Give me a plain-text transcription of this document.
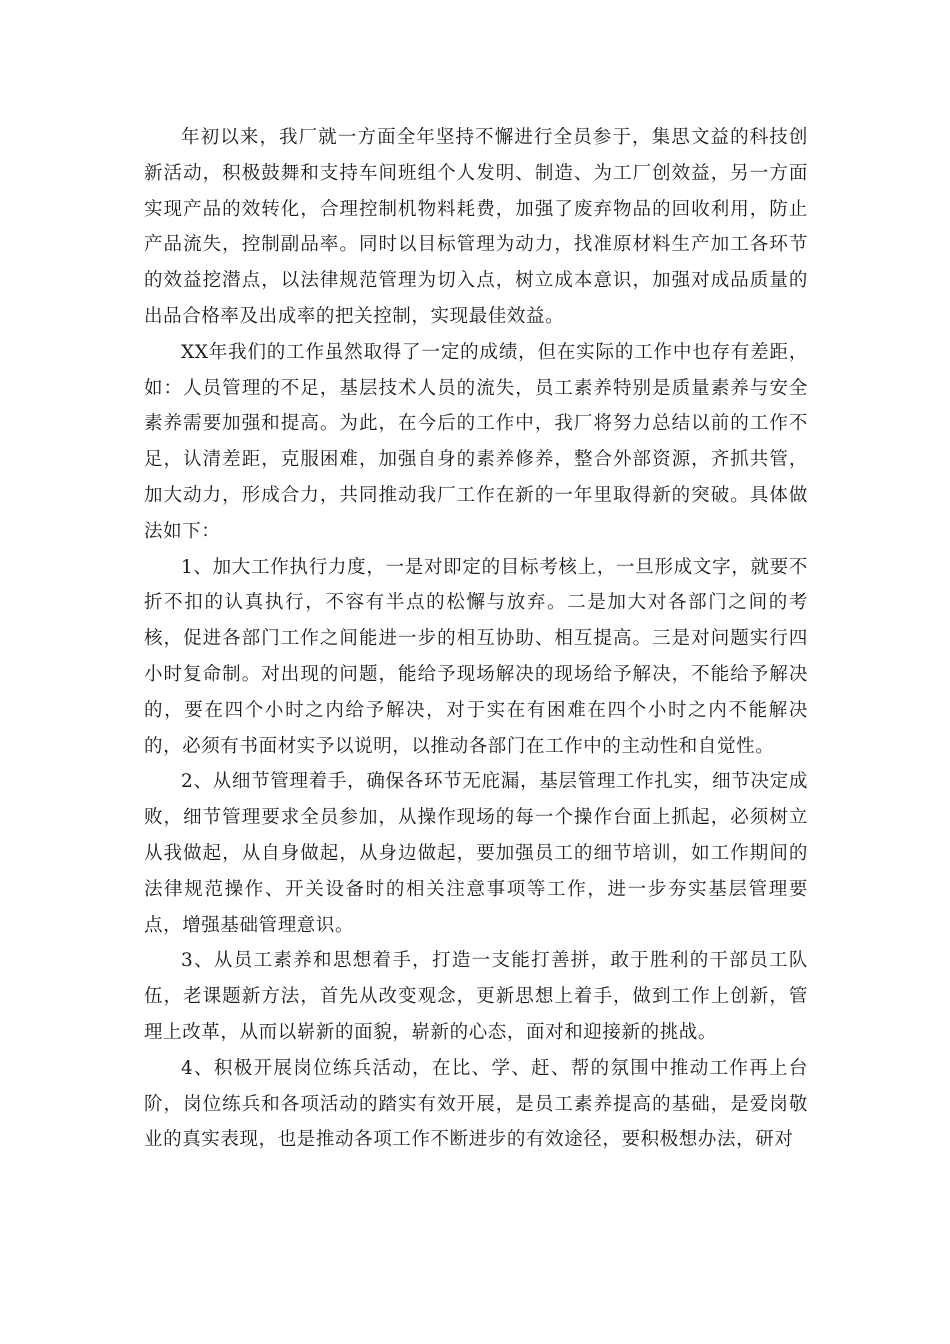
年初以来，我厂就一方面全年坚持不懈进行全员参于，集思文益的科技创新活动，积极鼓舞和支持车间班组个人发明、制造、为工厂创效益，另一方面实现产品的效转化，合理控制机物料耗费，加强了废弃物品的回收利用，防止产品流失，控制副品率。同时以目标管理为动力，找准原材料生产加工各环节的效益挖潜点，以法律规范管理为切入点，树立成本意识，加强对成品质量的出品合格率及出成率的把关控制，实现最佳效益。

XX年我们的工作虽然取得了一定的成绩，但在实际的工作中也存有差距，如：人员管理的不足，基层技术人员的流失，员工素养特别是质量素养与安全素养需要加强和提高。为此，在今后的工作中，我厂将努力总结以前的工作不足，认清差距，克服困难，加强自身的素养修养，整合外部资源，齐抓共管，加大动力，形成合力，共同推动我厂工作在新的一年里取得新的突破。具体做法如下：

1、加大工作执行力度，一是对即定的目标考核上，一旦形成文字，就要不折不扣的认真执行，不容有半点的松懈与放弃。二是加大对各部门之间的考核，促进各部门工作之间能进一步的相互协助、相互提高。三是对问题实行四小时复命制。对出现的问题，能给予现场解决的现场给予解决，不能给予解决的，要在四个小时之内给予解决，对于实在有困难在四个小时之内不能解决的，必须有书面材实予以说明，以推动各部门在工作中的主动性和自觉性。

2、从细节管理着手，确保各环节无庇漏，基层管理工作扎实，细节决定成败，细节管理要求全员参加，从操作现场的每一个操作台面上抓起，必须树立从我做起，从自身做起，从身边做起，要加强员工的细节培训，如工作期间的法律规范操作、开关设备时的相关注意事项等工作，进一步夯实基层管理要点，增强基础管理意识。

3、从员工素养和思想着手，打造一支能打善拼，敢于胜利的干部员工队伍，老课题新方法，首先从改变观念，更新思想上着手，做到工作上创新，管理上改革，从而以崭新的面貌，崭新的心态，面对和迎接新的挑战。

4、积极开展岗位练兵活动，在比、学、赶、帮的氛围中推动工作再上台阶，岗位练兵和各项活动的踏实有效开展，是员工素养提高的基础，是爱岗敬业的真实表现，也是推动各项工作不断进步的有效途径，要积极想办法，研对
